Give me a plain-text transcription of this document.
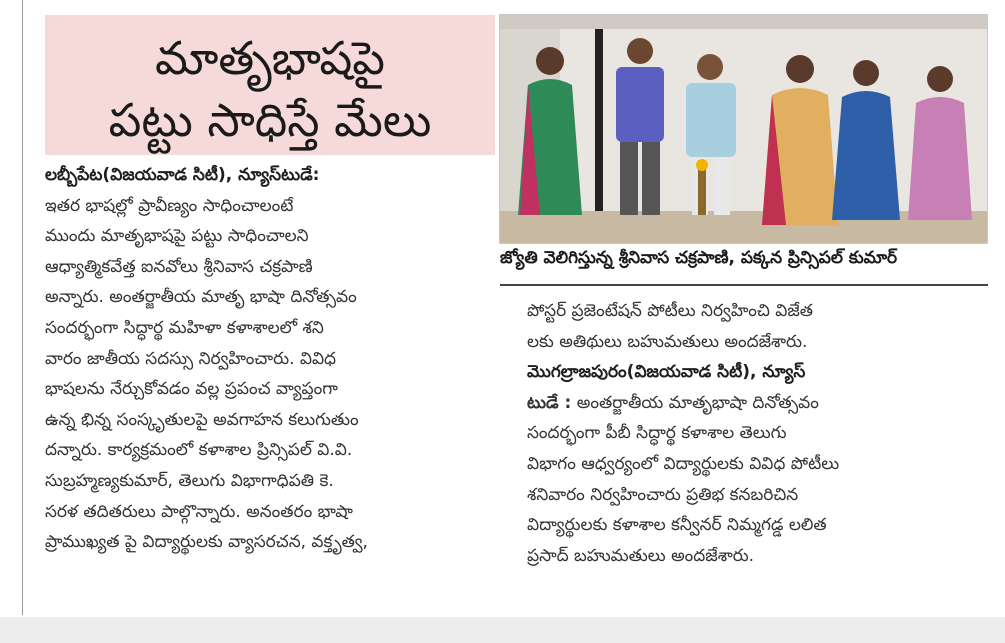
మాతృభాషపై
పట్టు సాధిస్తే మేలు
జ్యోతి వెలిగిస్తున్న శ్రీనివాస చక్రపాణి, పక్కన ప్రిన్సిపల్ కుమార్
లబ్బీపేట(విజయవాడ సిటీ), న్యూస్‌టుడే:
ఇతర భాషల్లో ప్రావీణ్యం సాధించాలంటే
ముందు మాతృభాషపై పట్టు సాధించాలని
ఆధ్యాత్మికవేత్త ఐనవోలు శ్రీనివాస చక్రపాణి
అన్నారు. అంతర్జాతీయ మాతృ భాషా దినోత్సవం
సందర్భంగా సిద్ధార్థ మహిళా కళాశాలలో శని
వారం జాతీయ సదస్సు నిర్వహించారు. వివిధ
భాషలను నేర్చుకోవడం వల్ల ప్రపంచ వ్యాప్తంగా
ఉన్న భిన్న సంస్కృతులపై అవగాహన కలుగుతుం
దన్నారు. కార్యక్రమంలో కళాశాల ప్రిన్సిపల్ వి.వి.
సుబ్రహ్మణ్యకుమార్, తెలుగు విభాగాధిపతి కె.
సరళ తదితరులు పాల్గొన్నారు. అనంతరం భాషా
ప్రాముఖ్యత పై విద్యార్థులకు వ్యాసరచన, వక్తృత్వ,
పోస్టర్ ప్రజెంటేషన్ పోటీలు నిర్వహించి విజేత
లకు అతిథులు బహుమతులు అందజేశారు.
మొగల్రాజపురం(విజయవాడ సిటీ), న్యూస్
టుడే : అంతర్జాతీయ మాతృభాషా దినోత్సవం
సందర్భంగా పీబీ సిద్ధార్థ కళాశాల తెలుగు
విభాగం ఆధ్వర్యంలో విద్యార్థులకు వివిధ పోటీలు
శనివారం నిర్వహించారు ప్రతిభ కనబరిచిన
విద్యార్థులకు కళాశాల కన్వీనర్ నిమ్మగడ్డ లలిత
ప్రసాద్ బహుమతులు అందజేశారు.
